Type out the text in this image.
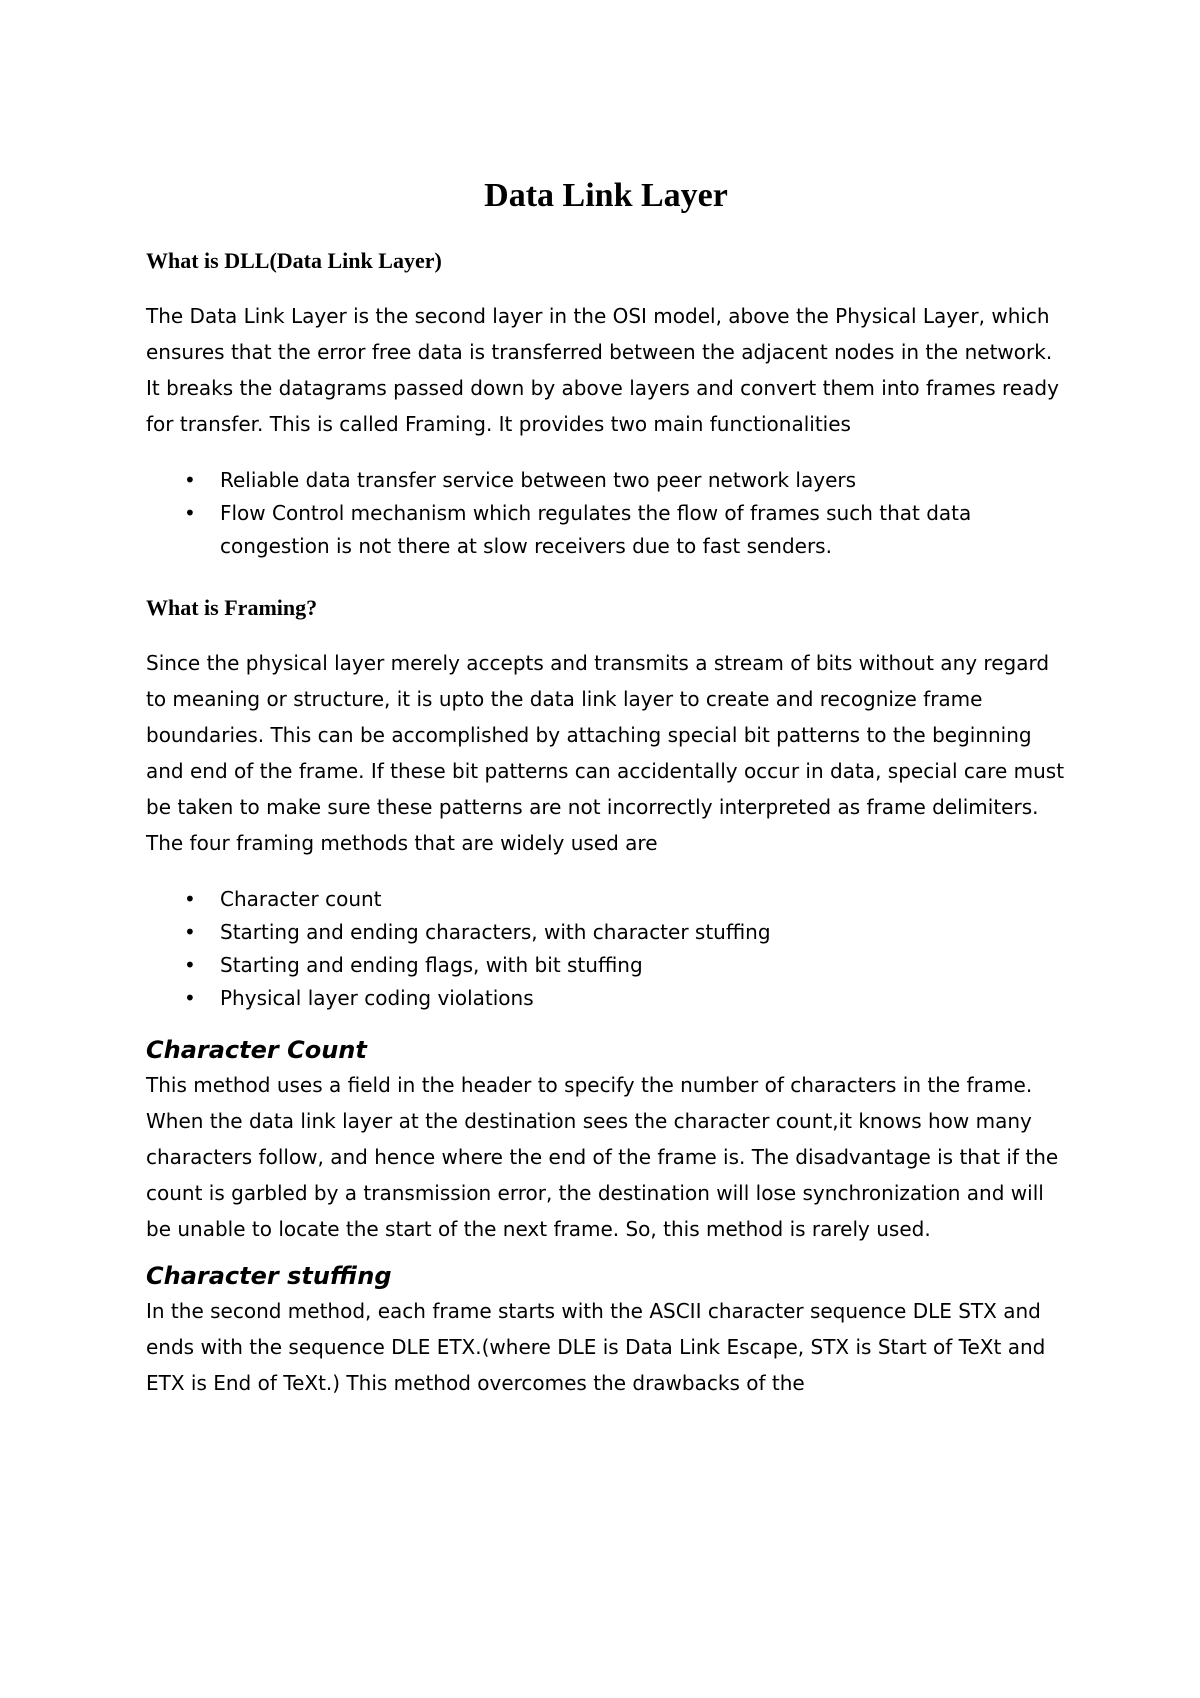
Data Link Layer
What is DLL(Data Link Layer)

The Data Link Layer is the second layer in the OSI model, above the Physical Layer, which ensures that the error free data is transferred between the adjacent nodes in the network. It breaks the datagrams passed down by above layers and convert them into frames ready for transfer. This is called Framing. It provides two main functionalities

• Reliable data transfer service between two peer network layers
• Flow Control mechanism which regulates the flow of frames such that data congestion is not there at slow receivers due to fast senders.
What is Framing?

Since the physical layer merely accepts and transmits a stream of bits without any regard to meaning or structure, it is upto the data link layer to create and recognize frame boundaries. This can be accomplished by attaching special bit patterns to the beginning and end of the frame. If these bit patterns can accidentally occur in data, special care must be taken to make sure these patterns are not incorrectly interpreted as frame delimiters. The four framing methods that are widely used are

• Character count
• Starting and ending characters, with character stuffing
• Starting and ending flags, with bit stuffing
• Physical layer coding violations
Character Count

This method uses a field in the header to specify the number of characters in the frame. When the data link layer at the destination sees the character count,it knows how many characters follow, and hence where the end of the frame is. The disadvantage is that if the count is garbled by a transmission error, the destination will lose synchronization and will be unable to locate the start of the next frame. So, this method is rarely used.

Character stuffing

In the second method, each frame starts with the ASCII character sequence DLE STX and ends with the sequence DLE ETX.(where DLE is Data Link Escape, STX is Start of TeXt and ETX is End of TeXt.) This method overcomes the drawbacks of the
